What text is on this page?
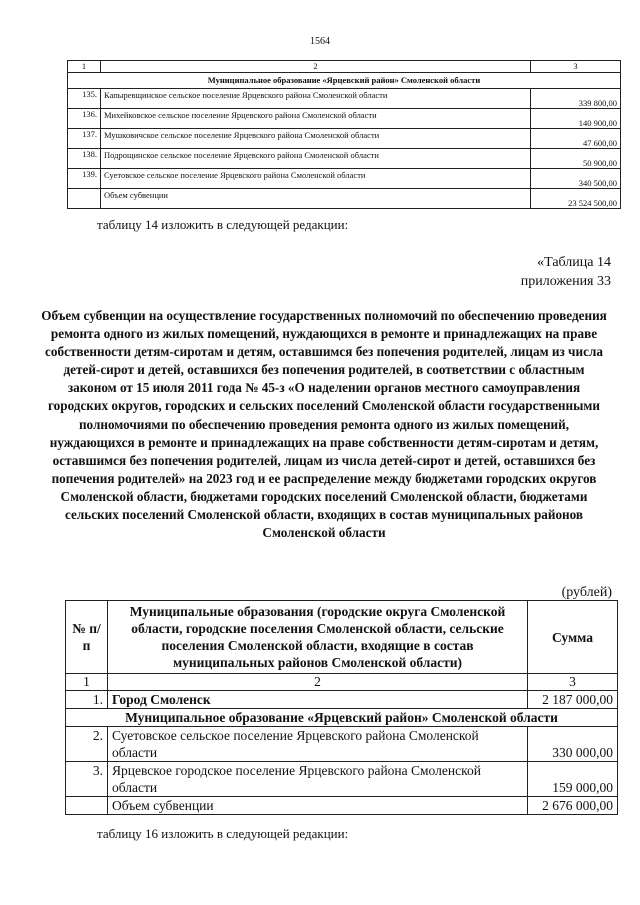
1564
1	2	3
Муниципальное образование «Ярцевский район» Смоленской области		
135.	Капыревщинское сельское поселение Ярцевского района Смоленской области	339 800,00
136.	Михейковское сельское поселение Ярцевского района Смоленской области	140 900,00
137.	Мушковичское сельское поселение Ярцевского района Смоленской области	47 600,00
138.	Подрощинское сельское поселение Ярцевского района Смоленской области	50 900,00
139.	Суетовское сельское поселение Ярцевского района Смоленской области	340 500,00
	Объем субвенции	23 524 500,00
таблицу 14 изложить в следующей редакции:
«Таблица 14
приложения 33
Объем субвенции на осуществление государственных полномочий по обеспечению проведения ремонта одного из жилых помещений, нуждающихся в ремонте и принадлежащих на праве собственности детям-сиротам и детям, оставшимся без попечения родителей, лицам из числа детей-сирот и детей, оставшихся без попечения родителей, в соответствии с областным законом от 15 июля 2011 года № 45-з «О наделении органов местного самоуправления городских округов, городских и сельских поселений Смоленской области государственными полномочиями по обеспечению проведения ремонта одного из жилых помещений, нуждающихся в ремонте и принадлежащих на праве собственности детям-сиротам и детям, оставшимся без попечения родителей, лицам из числа детей-сирот и детей, оставшихся без попечения родителей» на 2023 год и ее распределение между бюджетами городских округов Смоленской области, бюджетами городских поселений Смоленской области, бюджетами сельских поселений Смоленской области, входящих в состав муниципальных районов Смоленской области
(рублей)
№ п/п	Муниципальные образования (городские округа Смоленской области, городские поселения Смоленской области, сельские поселения Смоленской области, входящие в состав муниципальных районов Смоленской области)	Сумма
1	2	3
1.	Город Смоленск	2 187 000,00
Муниципальное образование «Ярцевский район» Смоленской области		
2.	Суетовское сельское поселение Ярцевского района Смоленской области	330 000,00
3.	Ярцевское городское поселение Ярцевского района Смоленской области	159 000,00
	Объем субвенции	2 676 000,00
таблицу 16 изложить в следующей редакции:
